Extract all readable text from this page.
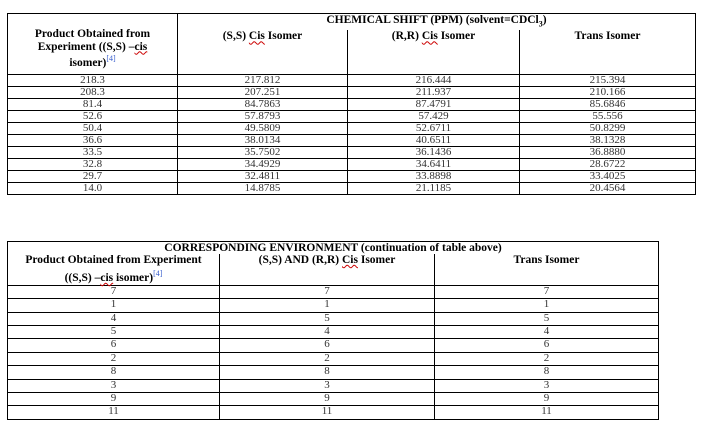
Product Obtained from
Experiment ((S,S) –cis
isomer)[4]	CHEMICAL SHIFT (PPM) (solvent=CDCl$_3$)		
	(S,S) Cis Isomer	(R,R) Cis Isomer	Trans Isomer
218.3	217.812	216.444	215.394
208.3	207.251	211.937	210.166
81.4	84.7863	87.4791	85.6846
52.6	57.8793	57.429	55.556
50.4	49.5809	52.6711	50.8299
36.6	38.0134	40.6511	38.1328
33.5	35.7502	36.1436	36.8880
32.8	34.4929	34.6411	28.6722
29.7	32.4811	33.8898	33.4025
14.0	14.8785	21.1185	20.4564
CORRESPONDING ENVIRONMENT (continuation of table above)		
Product Obtained from Experiment
((S,S) –cis isomer)[4]	(S,S) AND (R,R) Cis Isomer	Trans Isomer
7	7	7
1	1	1
4	5	5
5	4	4
6	6	6
2	2	2
8	8	8
3	3	3
9	9	9
11	11	11
